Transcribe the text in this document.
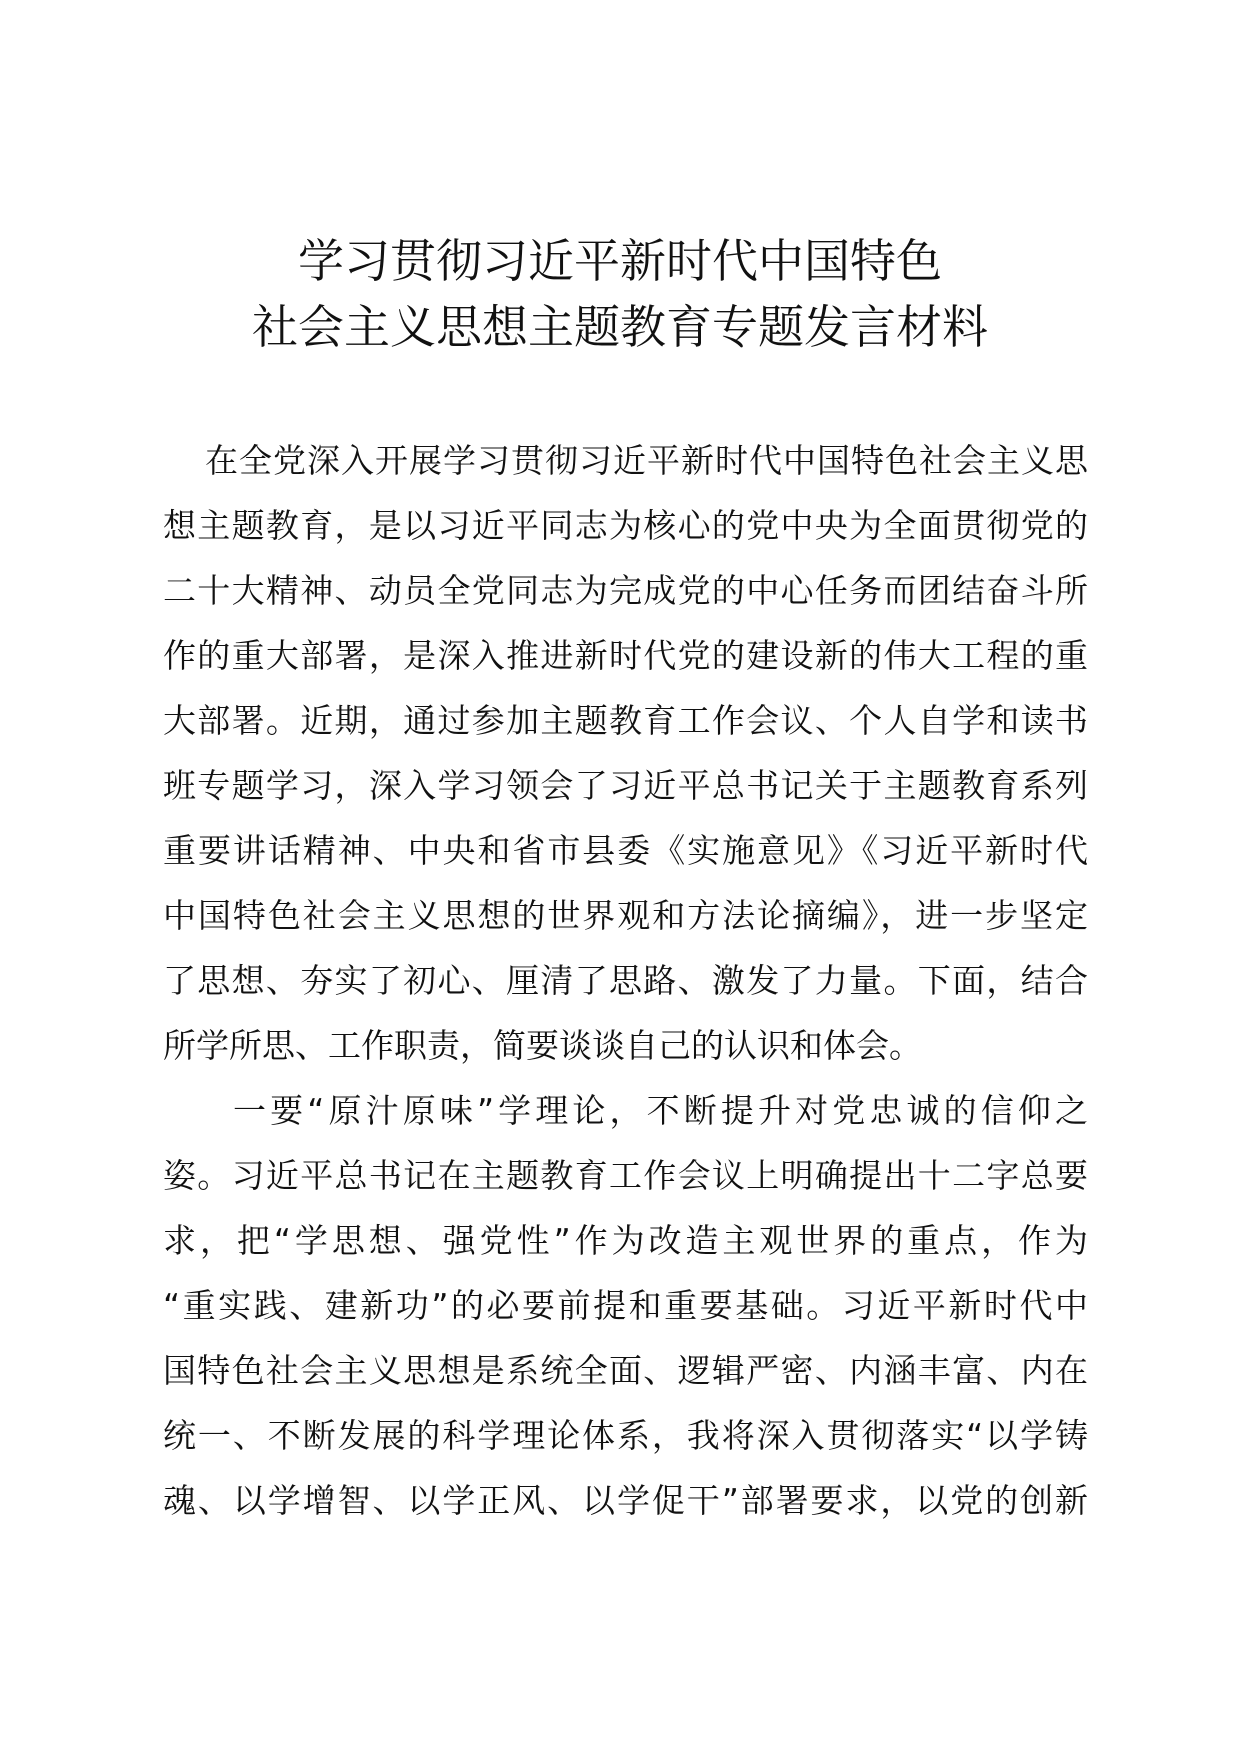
学习贯彻习近平新时代中国特色
社会主义思想主题教育专题发言材料
在全党深入开展学习贯彻习近平新时代中国特色社会主义思
想主题教育，是以习近平同志为核心的党中央为全面贯彻党的
二十大精神、动员全党同志为完成党的中心任务而团结奋斗所
作的重大部署，是深入推进新时代党的建设新的伟大工程的重
大部署。近期，通过参加主题教育工作会议、个人自学和读书
班专题学习，深入学习领会了习近平总书记关于主题教育系列
重要讲话精神、中央和省市县委《实施意见》《习近平新时代
中国特色社会主义思想的世界观和方法论摘编》，进一步坚定
了思想、夯实了初心、厘清了思路、激发了力量。下面，结合
所学所思、工作职责，简要谈谈自己的认识和体会。
一要“原汁原味”学理论，不断提升对党忠诚的信仰之
姿。习近平总书记在主题教育工作会议上明确提出十二字总要
求，把“学思想、强党性”作为改造主观世界的重点，作为
“重实践、建新功”的必要前提和重要基础。习近平新时代中
国特色社会主义思想是系统全面、逻辑严密、内涵丰富、内在
统一、不断发展的科学理论体系，我将深入贯彻落实“以学铸
魂、以学增智、以学正风、以学促干”部署要求，以党的创新
